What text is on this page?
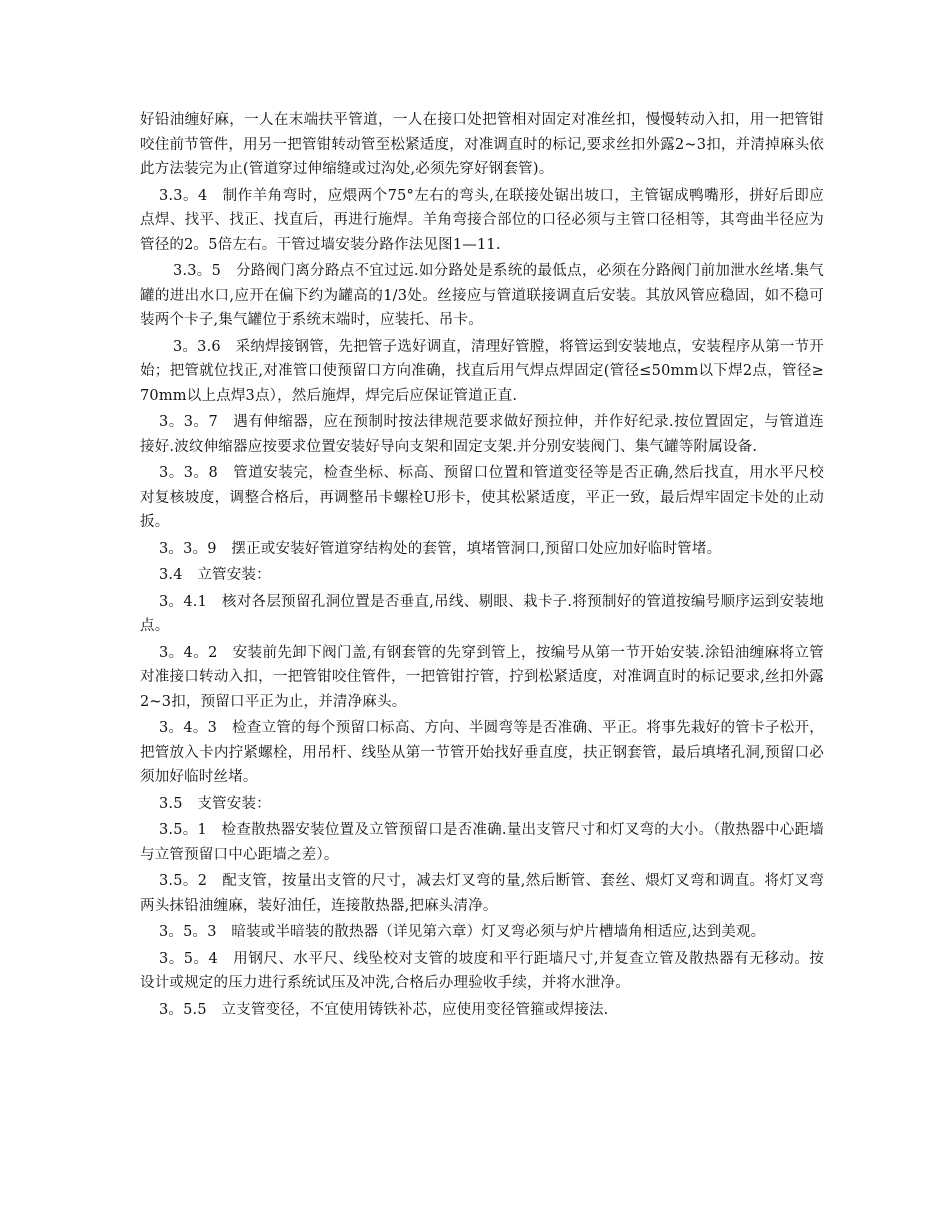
好铅油缠好麻，一人在末端扶平管道，一人在接口处把管相对固定对准丝扣，慢慢转动入扣，用一把管钳咬住前节管件，用另一把管钳转动管至松紧适度，对准调直时的标记,要求丝扣外露2~3扣，并清掉麻头依此方法装完为止(管道穿过伸缩缝或过沟处,必须先穿好钢套管)。

3.3。4　制作羊角弯时，应煨两个75°左右的弯头,在联接处锯出坡口，主管锯成鸭嘴形，拼好后即应点焊、找平、找正、找直后，再进行施焊。羊角弯接合部位的口径必须与主管口径相等，其弯曲半径应为管径的2。5倍左右。干管过墙安装分路作法见图1—11.

3.3。5　分路阀门离分路点不宜过远.如分路处是系统的最低点，必须在分路阀门前加泄水丝堵.集气罐的进出水口,应开在偏下约为罐高的1/3处。丝接应与管道联接调直后安装。其放风管应稳固，如不稳可装两个卡子,集气罐位于系统末端时，应装托、吊卡。

3。3.6　采纳焊接钢管，先把管子选好调直，清理好管膛，将管运到安装地点，安装程序从第一节开始；把管就位找正,对准管口使预留口方向准确，找直后用气焊点焊固定(管径≤50mm以下焊2点，管径≥70mm以上点焊3点），然后施焊，焊完后应保证管道正直.

3。3。7　遇有伸缩器，应在预制时按法律规范要求做好预拉伸，并作好纪录.按位置固定，与管道连接好.波纹伸缩器应按要求位置安装好导向支架和固定支架.并分别安装阀门、集气罐等附属设备.

3。3。8　管道安装完，检查坐标、标高、预留口位置和管道变径等是否正确,然后找直，用水平尺校对复核坡度，调整合格后，再调整吊卡螺栓U形卡，使其松紧适度，平正一致，最后焊牢固定卡处的止动扳。

3。3。9　摆正或安装好管道穿结构处的套管，填堵管洞口,预留口处应加好临时管堵。

3.4　立管安装：

3。4.1　核对各层预留孔洞位置是否垂直,吊线、剔眼、栽卡子.将预制好的管道按编号顺序运到安装地点。

3。4。2　安装前先卸下阀门盖,有钢套管的先穿到管上，按编号从第一节开始安装.涂铅油缠麻将立管对准接口转动入扣，一把管钳咬住管件，一把管钳拧管，拧到松紧适度，对准调直时的标记要求,丝扣外露2~3扣，预留口平正为止，并清净麻头。

3。4。3　检查立管的每个预留口标高、方向、半圆弯等是否准确、平正。将事先栽好的管卡子松开，把管放入卡内拧紧螺栓，用吊杆、线坠从第一节管开始找好垂直度，扶正钢套管，最后填堵孔洞,预留口必须加好临时丝堵。

3.5　支管安装：

3.5。1　检查散热器安装位置及立管预留口是否准确.量出支管尺寸和灯叉弯的大小。（散热器中心距墙与立管预留口中心距墙之差）。

3.5。2　配支管，按量出支管的尺寸，减去灯叉弯的量,然后断管、套丝、煨灯叉弯和调直。将灯叉弯两头抹铅油缠麻，装好油任，连接散热器,把麻头清净。

3。5。3　暗装或半暗装的散热器（详见第六章）灯叉弯必须与炉片槽墙角相适应,达到美观。

3。5。4　用钢尺、水平尺、线坠校对支管的坡度和平行距墙尺寸,并复查立管及散热器有无移动。按设计或规定的压力进行系统试压及冲洗,合格后办理验收手续，并将水泄净。

3。5.5　立支管变径，不宜使用铸铁补芯，应使用变径管箍或焊接法.
